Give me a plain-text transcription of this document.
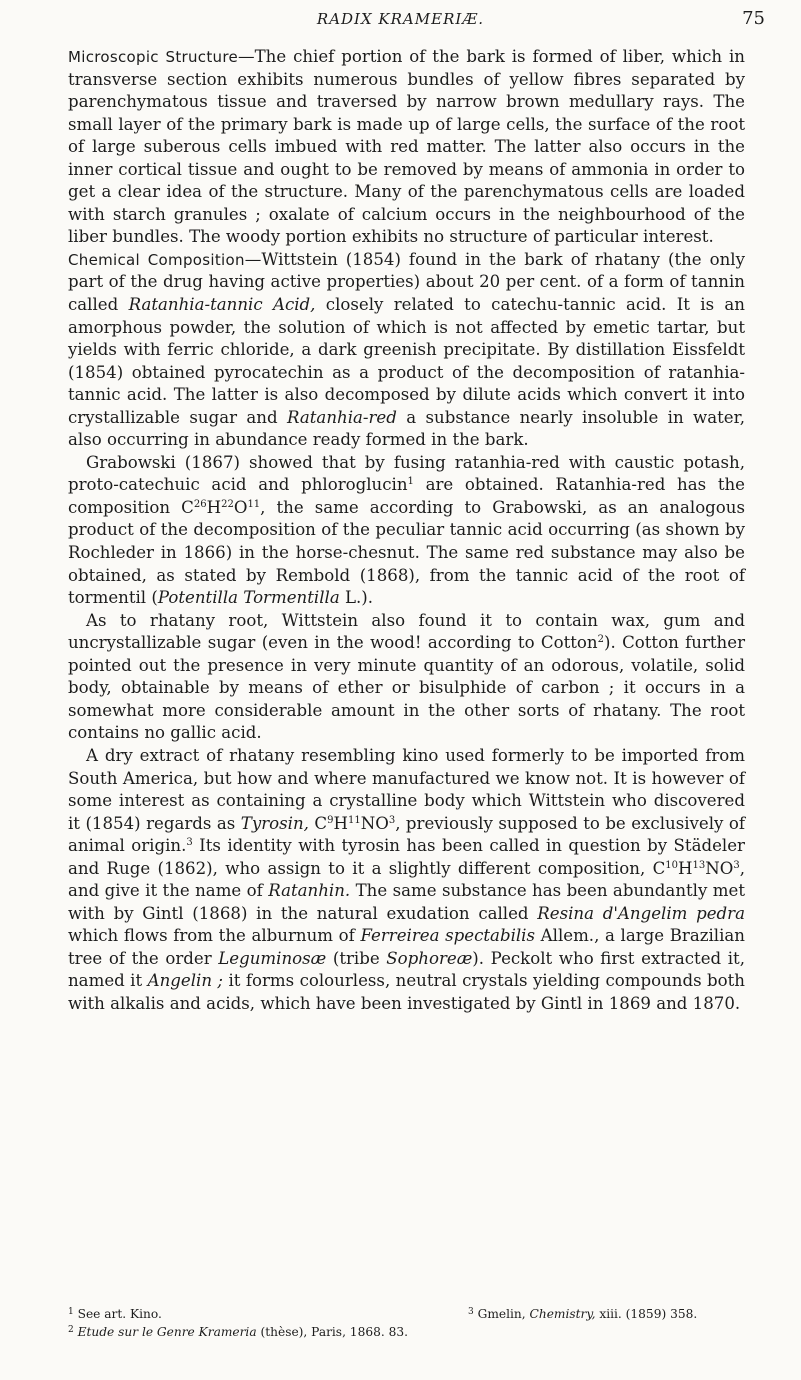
RADIX KRAMERIÆ.	75

Microscopic Structure—The chief portion of the bark is formed of liber, which in transverse section exhibits numerous bundles of yellow fibres separated by parenchymatous tissue and traversed by narrow brown medullary rays. The small layer of the primary bark is made up of large cells, the surface of the root of large suberous cells imbued with red matter. The latter also occurs in the inner cortical tissue and ought to be removed by means of ammonia in order to get a clear idea of the structure. Many of the parenchymatous cells are loaded with starch granules ; oxalate of calcium occurs in the neighbourhood of the liber bundles. The woody portion exhibits no structure of particular interest.

Chemical Composition—Wittstein (1854) found in the bark of rhatany (the only part of the drug having active properties) about 20 per cent. of a form of tannin called Ratanhia-tannic Acid, closely related to catechu-tannic acid. It is an amorphous powder, the solution of which is not affected by emetic tartar, but yields with ferric chloride, a dark greenish precipitate. By distillation Eissfeldt (1854) obtained pyrocatechin as a product of the decomposition of ratanhia-tannic acid. The latter is also decomposed by dilute acids which convert it into crystallizable sugar and Ratanhia-red a substance nearly insoluble in water, also occurring in abundance ready formed in the bark.

Grabowski (1867) showed that by fusing ratanhia-red with caustic potash, proto-catechuic acid and phloroglucin$^1$ are obtained. Ratanhia-red has the composition $C^{26}H^{22}O^{11}$, the same according to Grabowski, as an analogous product of the decomposition of the peculiar tannic acid occurring (as shown by Rochleder in 1866) in the horse-chesnut. The same red substance may also be obtained, as stated by Rembold (1868), from the tannic acid of the root of tormentil (Potentilla Tormentilla L.).

As to rhatany root, Wittstein also found it to contain wax, gum and uncrystallizable sugar (even in the wood! according to Cotton$^2$). Cotton further pointed out the presence in very minute quantity of an odorous, volatile, solid body, obtainable by means of ether or bisulphide of carbon ; it occurs in a somewhat more considerable amount in the other sorts of rhatany. The root contains no gallic acid.

A dry extract of rhatany resembling kino used formerly to be imported from South America, but how and where manufactured we know not. It is however of some interest as containing a crystalline body which Wittstein who discovered it (1854) regards as Tyrosin, $C^9H^{11}NO^3$, previously supposed to be exclusively of animal origin.$^3$ Its identity with tyrosin has been called in question by Städeler and Ruge (1862), who assign to it a slightly different composition, $C^{10}H^{13}NO^3$, and give it the name of Ratanhin. The same substance has been abundantly met with by Gintl (1868) in the natural exudation called Resina d'Angelim pedra which flows from the alburnum of Ferreirea spectabilis Allem., a large Brazilian tree of the order Leguminosæ (tribe Sophoreæ). Peckolt who first extracted it, named it Angelin ; it forms colourless, neutral crystals yielding compounds both with alkalis and acids, which have been investigated by Gintl in 1869 and 1870.

$^1$ See art. Kino.
$^2$ Etude sur le Genre Krameria (thèse), Paris, 1868. 83.
$^3$ Gmelin, Chemistry, xiii. (1859) 358.
